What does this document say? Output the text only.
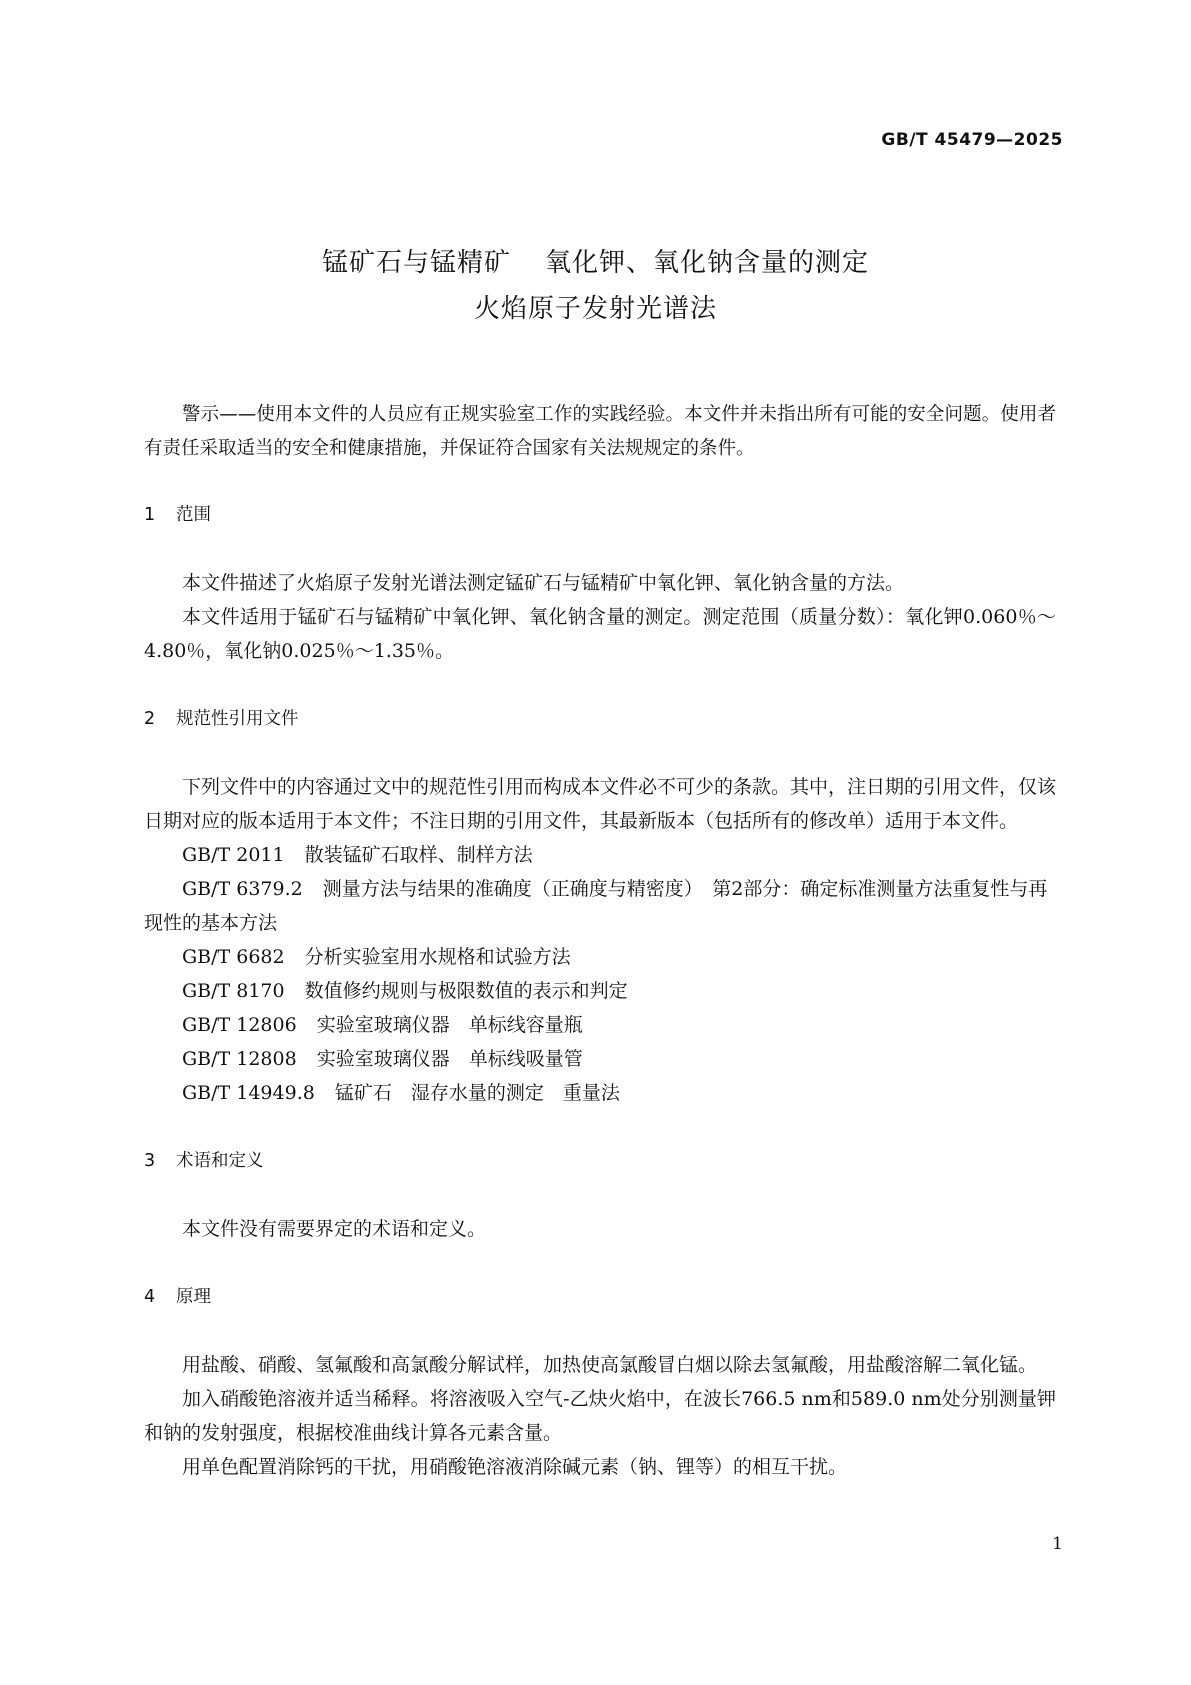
GB/T 45479—2025
锰矿石与锰精矿 氧化钾、氧化钠含量的测定
火焰原子发射光谱法

警示——使用本文件的人员应有正规实验室工作的实践经验。本文件并未指出所有可能的安全问题。使用者有责任采取适当的安全和健康措施，并保证符合国家有关法规规定的条件。

1 范围

本文件描述了火焰原子发射光谱法测定锰矿石与锰精矿中氧化钾、氧化钠含量的方法。

本文件适用于锰矿石与锰精矿中氧化钾、氧化钠含量的测定。测定范围（质量分数）：氧化钾0.060％～4.80％，氧化钠0.025％～1.35％。

2 规范性引用文件

下列文件中的内容通过文中的规范性引用而构成本文件必不可少的条款。其中，注日期的引用文件，仅该日期对应的版本适用于本文件；不注日期的引用文件，其最新版本（包括所有的修改单）适用于本文件。

GB/T 2011 散装锰矿石取样、制样方法

GB/T 6379.2 测量方法与结果的准确度（正确度与精密度）　第2部分：确定标准测量方法重复性与再现性的基本方法

GB/T 6682 分析实验室用水规格和试验方法

GB/T 8170 数值修约规则与极限数值的表示和判定

GB/T 12806 实验室玻璃仪器　单标线容量瓶

GB/T 12808 实验室玻璃仪器　单标线吸量管

GB/T 14949.8 锰矿石　湿存水量的测定　重量法

3 术语和定义

本文件没有需要界定的术语和定义。

4 原理

用盐酸、硝酸、氢氟酸和高氯酸分解试样，加热使高氯酸冒白烟以除去氢氟酸，用盐酸溶解二氧化锰。

加入硝酸铯溶液并适当稀释。将溶液吸入空气-乙炔火焰中，在波长766.5 nm和589.0 nm处分别测量钾和钠的发射强度，根据校准曲线计算各元素含量。

用单色配置消除钙的干扰，用硝酸铯溶液消除碱元素（钠、锂等）的相互干扰。

1
